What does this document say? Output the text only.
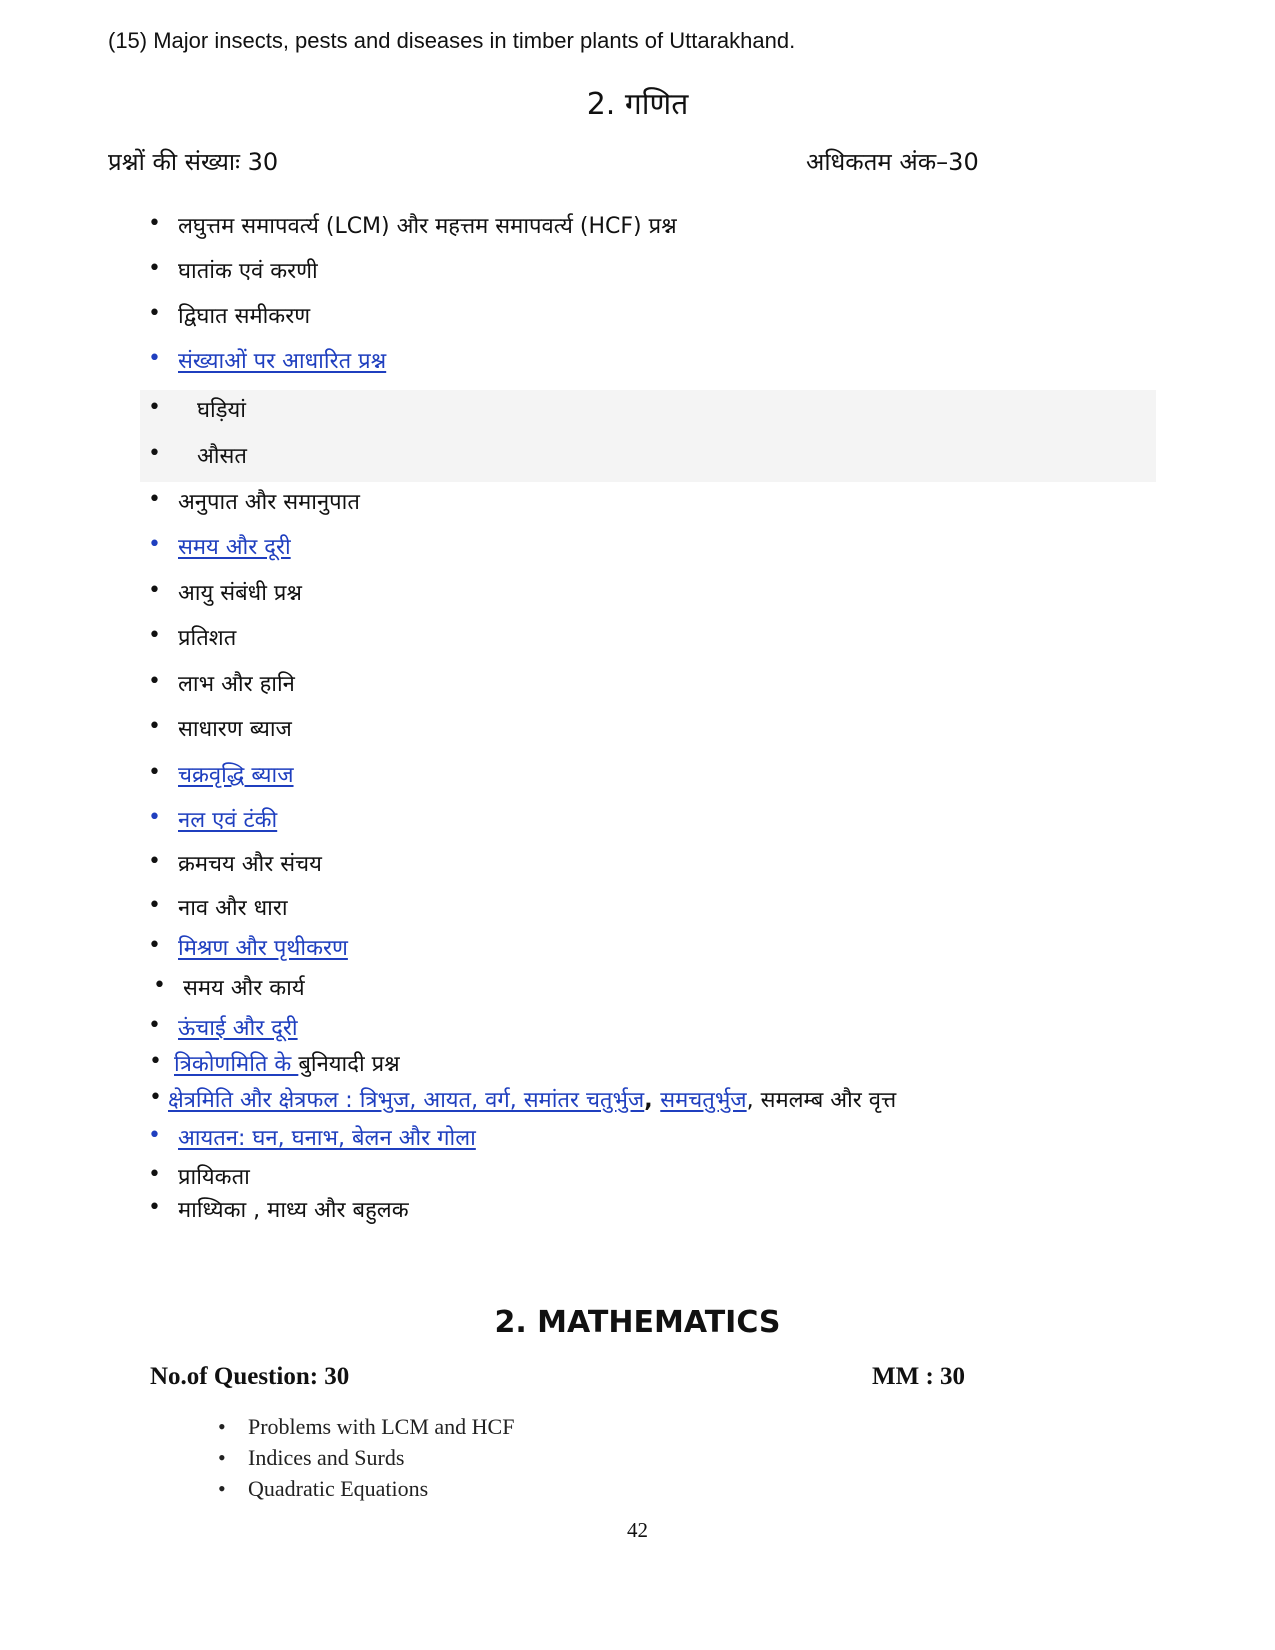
(15) Major insects, pests and diseases in timber plants of Uttarakhand.
2. गणित
प्रश्नों की संख्याः 30	अधिकतम अंक–30
• लघुत्तम समापवर्त्य (LCM) और महत्तम समापवर्त्य (HCF) प्रश्न
• घातांक एवं करणी
• द्विघात समीकरण
• संख्याओं पर आधारित प्रश्न
• घड़ियां
• औसत
• अनुपात और समानुपात
• समय और दूरी
• आयु संबंधी प्रश्न
• प्रतिशत
• लाभ और हानि
• साधारण ब्याज
• चक्रवृद्धि ब्याज
• नल एवं टंकी
• क्रमचय और संचय
• नाव और धारा
• मिश्रण और पृथीकरण
• समय और कार्य
• ऊंचाई और दूरी
• त्रिकोणमिति के बुनियादी प्रश्न
• क्षेत्रमिति और क्षेत्रफल : त्रिभुज, आयत, वर्ग, समांतर चतुर्भुज, समचतुर्भुज, समलम्ब और वृत्त
• आयतन: घन, घनाभ, बेलन और गोला
• प्रायिकता
• माध्यिका , माध्य और बहुलक
2. MATHEMATICS
No.of Question: 30	MM : 30
• Problems with LCM and HCF
• Indices and Surds
• Quadratic Equations
42
